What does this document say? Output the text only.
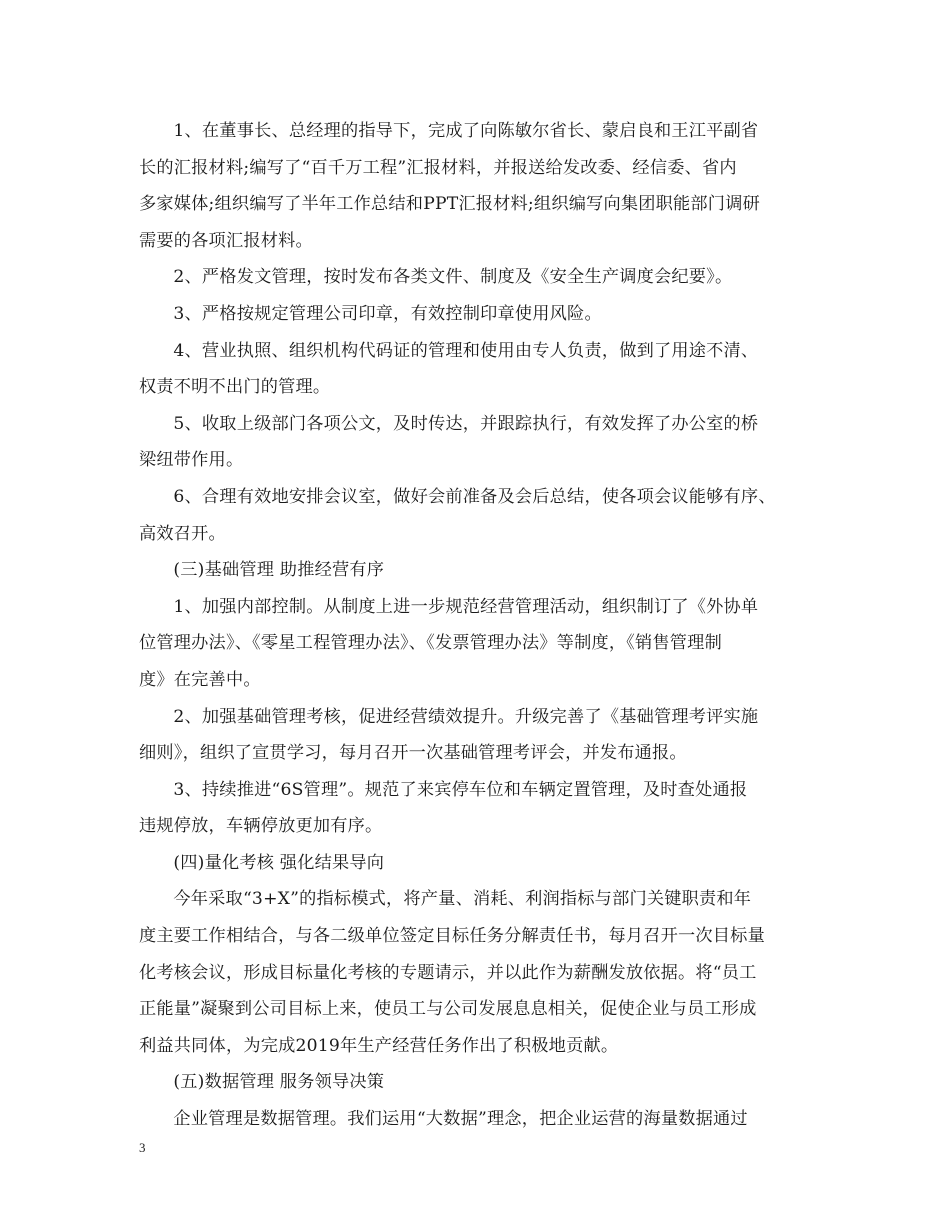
1、在董事长、总经理的指导下，完成了向陈敏尔省长、蒙启良和王江平副省
长的汇报材料;编写了“百千万工程”汇报材料，并报送给发改委、经信委、省内
多家媒体;组织编写了半年工作总结和PPT汇报材料;组织编写向集团职能部门调研
需要的各项汇报材料。
2、严格发文管理，按时发布各类文件、制度及《安全生产调度会纪要》。
3、严格按规定管理公司印章，有效控制印章使用风险。
4、营业执照、组织机构代码证的管理和使用由专人负责，做到了用途不清、
权责不明不出门的管理。
5、收取上级部门各项公文，及时传达，并跟踪执行，有效发挥了办公室的桥
梁纽带作用。
6、合理有效地安排会议室，做好会前准备及会后总结，使各项会议能够有序、
高效召开。
(三)基础管理 助推经营有序
1、加强内部控制。从制度上进一步规范经营管理活动，组织制订了《外协单
位管理办法》、《零星工程管理办法》、《发票管理办法》等制度，《销售管理制
度》在完善中。
2、加强基础管理考核，促进经营绩效提升。升级完善了《基础管理考评实施
细则》，组织了宣贯学习，每月召开一次基础管理考评会，并发布通报。
3、持续推进“6S管理”。规范了来宾停车位和车辆定置管理，及时查处通报
违规停放，车辆停放更加有序。
(四)量化考核 强化结果导向
今年采取“3+X”的指标模式，将产量、消耗、利润指标与部门关键职责和年
度主要工作相结合，与各二级单位签定目标任务分解责任书，每月召开一次目标量
化考核会议，形成目标量化考核的专题请示，并以此作为薪酬发放依据。将“员工
正能量”凝聚到公司目标上来，使员工与公司发展息息相关，促使企业与员工形成
利益共同体，为完成2019年生产经营任务作出了积极地贡献。
(五)数据管理 服务领导决策
企业管理是数据管理。我们运用“大数据”理念，把企业运营的海量数据通过
3
